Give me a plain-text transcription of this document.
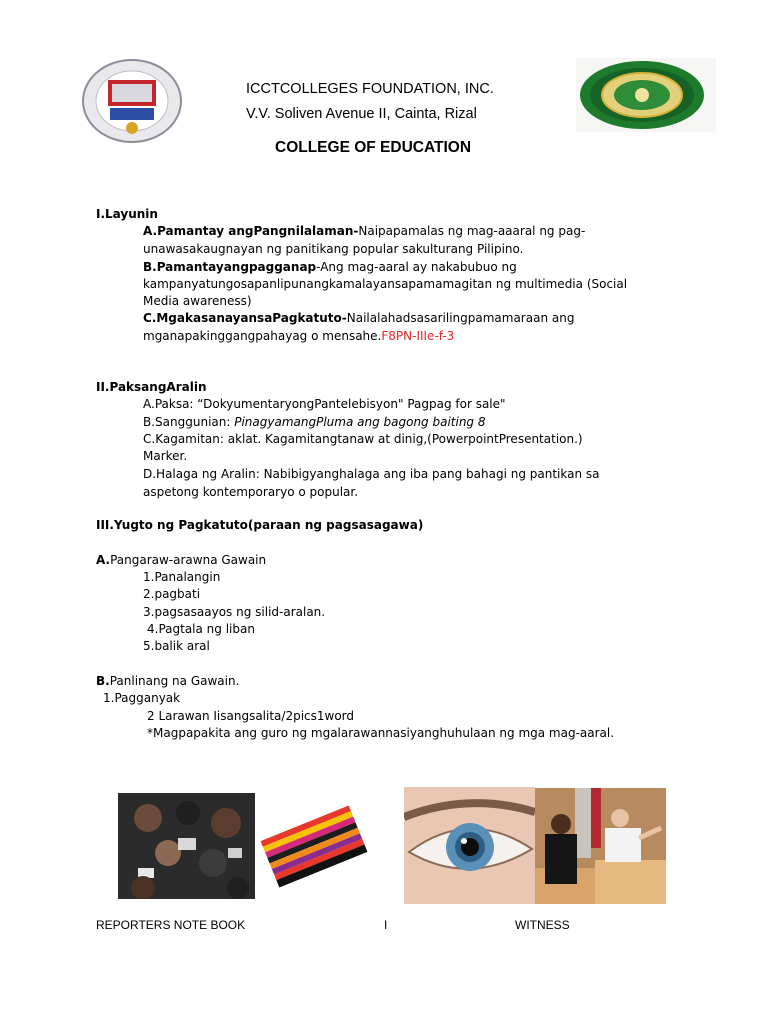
ICCTCOLLEGES FOUNDATION, INC.
V.V. Soliven Avenue II, Cainta, Rizal
COLLEGE OF EDUCATION
I.Layunin
A.Pamantay angPangnilalaman-Naipapamalas ng mag-aaaral ng pag-
unawasakaugnayan ng panitikang popular sakulturang Pilipino.
B.Pamantayangpagganap-Ang mag-aaral ay nakabubuo ng
kampanyatungosapanlipunangkamalayansapamamagitan ng multimedia (Social
Media awareness)
C.MgakasanayansaPagkatuto-Nailalahadsasarilingpamamaraan ang
mganapakinggangpahayag o mensahe.F8PN-IIIe-f-3
II.PaksangAralin
A.Paksa: “DokyumentaryongPantelebisyon" Pagpag for sale"
B.Sanggunian: PinagyamangPluma ang bagong baiting 8
C.Kagamitan: aklat. Kagamitangtanaw at dinig,(PowerpointPresentation.)
Marker.
D.Halaga ng Aralin: Nabibigyanghalaga ang iba pang bahagi ng pantikan sa
aspetong kontemporaryo o popular.
III.Yugto ng Pagkatuto(paraan ng pagsasagawa)
A.Pangaraw-arawna Gawain
1.Panalangin
2.pagbati
3.pagsasaayos ng silid-aralan.
4.Pagtala ng liban
5.balik aral
B.Panlinang na Gawain.
1.Pagganyak
2 Larawan Iisangsalita/2pics1word
*Magpapakita ang guro ng mgalarawannasiyanghuhulaan ng mga mag-aaral.
REPORTERS NOTE BOOK	I	WITNESS
